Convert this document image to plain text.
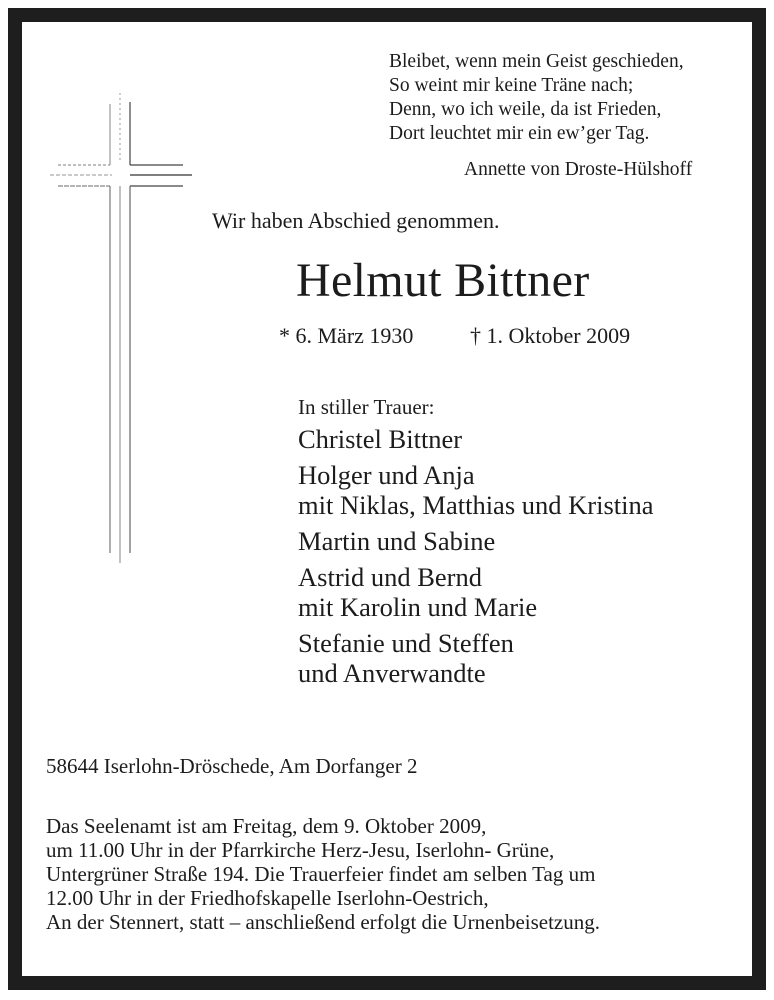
Bleibet, wenn mein Geist geschieden,
So weint mir keine Träne nach;
Denn, wo ich weile, da ist Frieden,
Dort leuchtet mir ein ew’ger Tag.
Annette von Droste-Hülshoff
Wir haben Abschied genommen.
Helmut Bittner
* 6. März 1930	† 1. Oktober 2009
In stiller Trauer:
Christel Bittner
Holger und Anja
mit Niklas, Matthias und Kristina
Martin und Sabine
Astrid und Bernd
mit Karolin und Marie
Stefanie und Steffen
und Anverwandte
58644 Iserlohn-Dröschede, Am Dorfanger 2
Das Seelenamt ist am Freitag, dem 9. Oktober 2009,
um 11.00 Uhr in der Pfarrkirche Herz-Jesu, Iserlohn- Grüne,
Untergrüner Straße 194. Die Trauerfeier findet am selben Tag um
12.00 Uhr in der Friedhofskapelle Iserlohn-Oestrich,
An der Stennert, statt – anschließend erfolgt die Urnenbeisetzung.
